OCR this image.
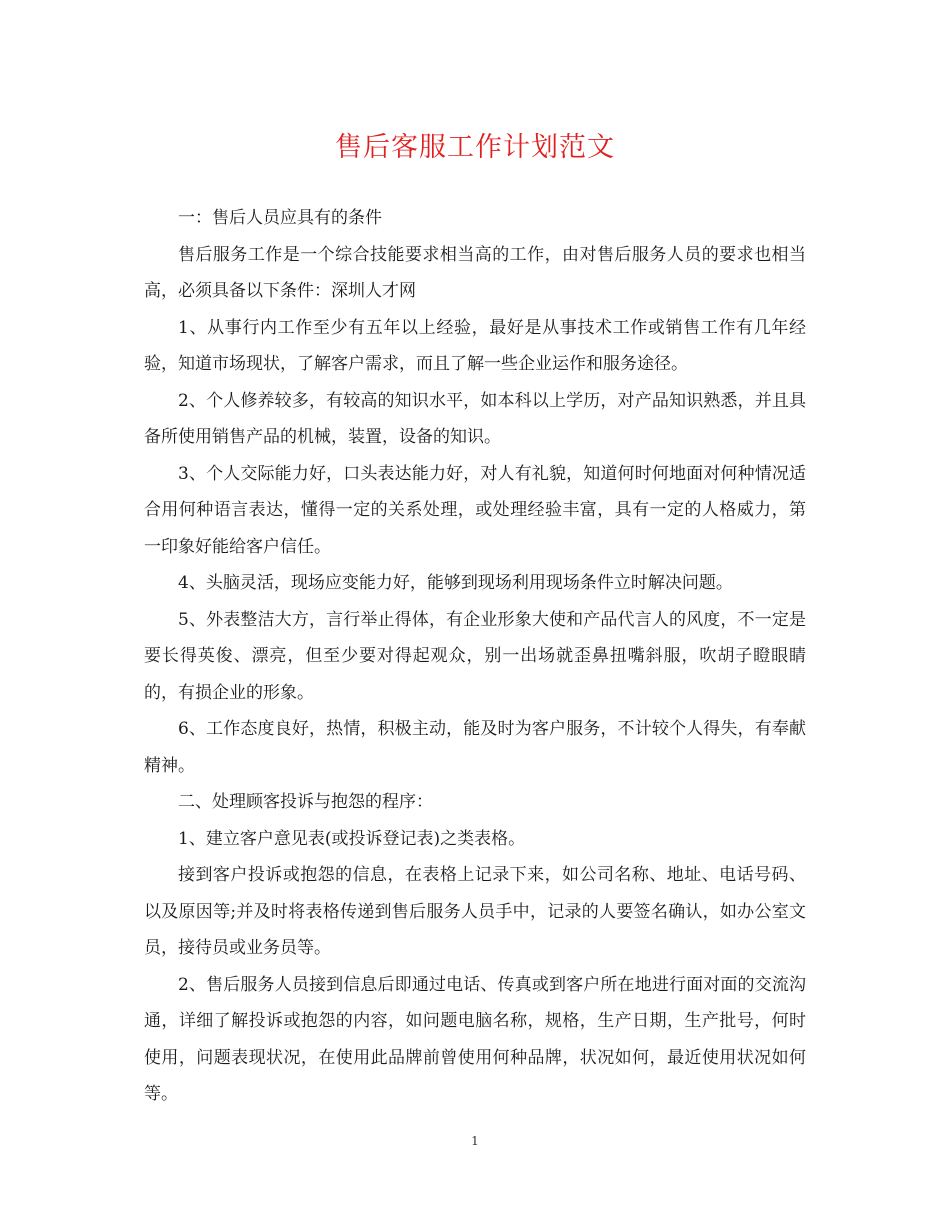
售后客服工作计划范文

一：售后人员应具有的条件

售后服务工作是一个综合技能要求相当高的工作，由对售后服务人员的要求也相当高，必须具备以下条件：深圳人才网

1、从事行内工作至少有五年以上经验，最好是从事技术工作或销售工作有几年经验，知道市场现状，了解客户需求，而且了解一些企业运作和服务途径。

2、个人修养较多，有较高的知识水平，如本科以上学历，对产品知识熟悉，并且具备所使用销售产品的机械，装置，设备的知识。

3、个人交际能力好，口头表达能力好，对人有礼貌，知道何时何地面对何种情况适合用何种语言表达，懂得一定的关系处理，或处理经验丰富，具有一定的人格威力，第一印象好能给客户信任。

4、头脑灵活，现场应变能力好，能够到现场利用现场条件立时解决问题。

5、外表整洁大方，言行举止得体，有企业形象大使和产品代言人的风度，不一定是要长得英俊、漂亮，但至少要对得起观众，别一出场就歪鼻扭嘴斜服，吹胡子瞪眼睛的，有损企业的形象。

6、工作态度良好，热情，积极主动，能及时为客户服务，不计较个人得失，有奉献精神。

二、处理顾客投诉与抱怨的程序：

1、建立客户意见表(或投诉登记表)之类表格。

接到客户投诉或抱怨的信息，在表格上记录下来，如公司名称、地址、电话号码、以及原因等;并及时将表格传递到售后服务人员手中，记录的人要签名确认，如办公室文员，接待员或业务员等。

2、售后服务人员接到信息后即通过电话、传真或到客户所在地进行面对面的交流沟通，详细了解投诉或抱怨的内容，如问题电脑名称，规格，生产日期，生产批号，何时使用，问题表现状况，在使用此品牌前曾使用何种品牌，状况如何，最近使用状况如何等。

1
